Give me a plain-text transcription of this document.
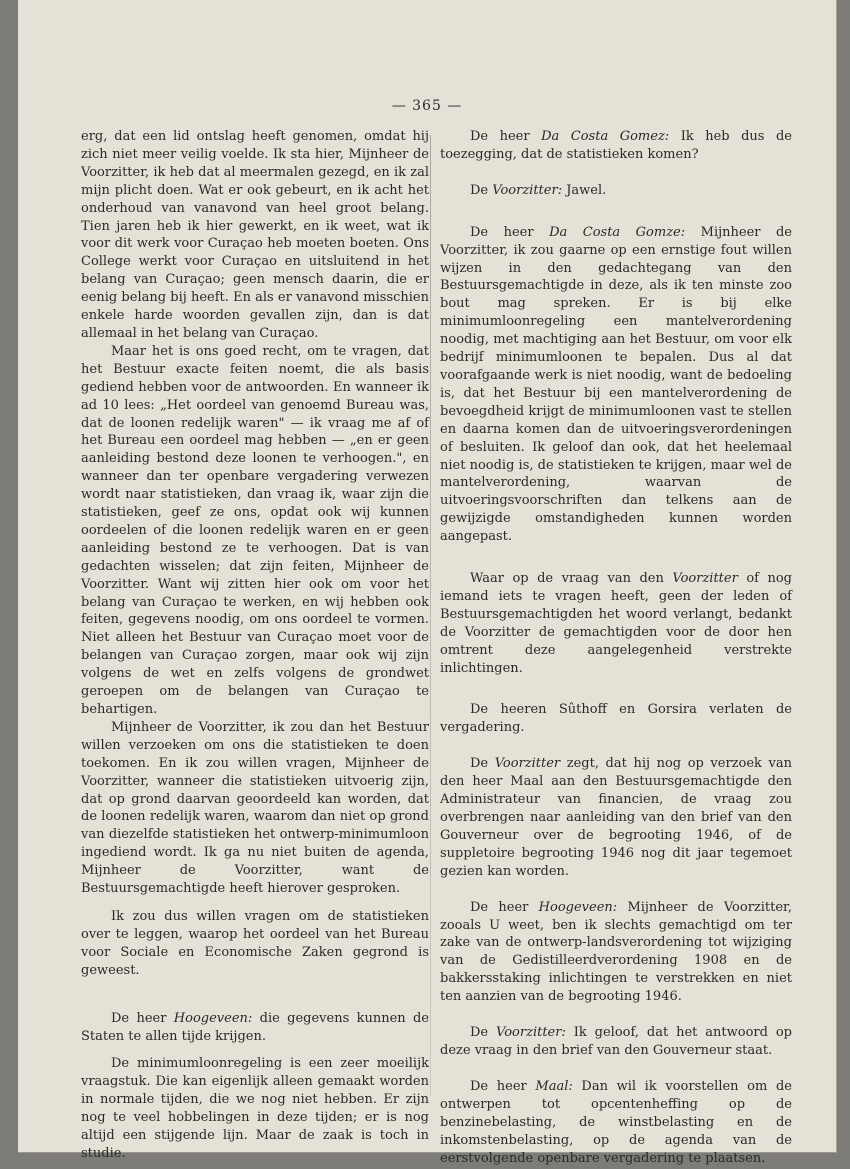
— 365 —

erg, dat een lid ontslag heeft genomen, omdat hij zich niet meer veilig voelde. Ik sta hier, Mijnheer de Voorzitter, ik heb dat al meermalen gezegd, en ik zal mijn plicht doen. Wat er ook gebeurt, en ik acht het onderhoud van vanavond van heel groot belang. Tien jaren heb ik hier gewerkt, en ik weet, wat ik voor dit werk voor Curaçao heb moeten boeten. Ons College werkt voor Curaçao en uitsluitend in het belang van Curaçao; geen mensch daarin, die er eenig belang bij heeft. En als er vanavond misschien enkele harde woorden gevallen zijn, dan is dat allemaal in het belang van Curaçao.

Maar het is ons goed recht, om te vragen, dat het Bestuur exacte feiten noemt, die als basis gediend hebben voor de antwoorden. En wanneer ik ad 10 lees: „Het oordeel van genoemd Bureau was, dat de loonen redelijk waren" — ik vraag me af of het Bureau een oordeel mag hebben — „en er geen aanleiding bestond deze loonen te verhoogen.", en wanneer dan ter openbare vergadering verwezen wordt naar statistieken, dan vraag ik, waar zijn die statistieken, geef ze ons, opdat ook wij kunnen oordeelen of die loonen redelijk waren en er geen aanleiding bestond ze te verhoogen. Dat is van gedachten wisselen; dat zijn feiten, Mijnheer de Voorzitter. Want wij zitten hier ook om voor het belang van Curaçao te werken, en wij hebben ook feiten, gegevens noodig, om ons oordeel te vormen. Niet alleen het Bestuur van Curaçao moet voor de belangen van Curaçao zorgen, maar ook wij zijn volgens de wet en zelfs volgens de grondwet geroepen om de belangen van Curaçao te behartigen.

Mijnheer de Voorzitter, ik zou dan het Bestuur willen verzoeken om ons die statistieken te doen toekomen. En ik zou willen vragen, Mijnheer de Voorzitter, wanneer die statistieken uitvoerig zijn, dat op grond daarvan geoordeeld kan worden, dat de loonen redelijk waren, waarom dan niet op grond van diezelfde statistieken het ontwerp-minimumloon ingediend wordt. Ik ga nu niet buiten de agenda, Mijnheer de Voorzitter, want de Bestuursgemachtigde heeft hierover gesproken.

Ik zou dus willen vragen om de statistieken over te leggen, waarop het oordeel van het Bureau voor Sociale en Economische Zaken gegrond is geweest.

De heer Hoogeveen: die gegevens kunnen de Staten te allen tijde krijgen.

De minimumloonregeling is een zeer moeilijk vraagstuk. Die kan eigenlijk alleen gemaakt worden in normale tijden, die we nog niet hebben. Er zijn nog te veel hobbelingen in deze tijden; er is nog altijd een stijgende lijn. Maar de zaak is toch in studie.

De heer Da Costa Gomez: Ik heb dus de toezegging, dat de statistieken komen?

De Voorzitter: Jawel.

De heer Da Costa Gomze: Mijnheer de Voorzitter, ik zou gaarne op een ernstige fout willen wijzen in den gedachtegang van den Bestuursgemachtigde in deze, als ik ten minste zoo bout mag spreken. Er is bij elke minimumloonregeling een mantelverordening noodig, met machtiging aan het Bestuur, om voor elk bedrijf minimumloonen te bepalen. Dus al dat voorafgaande werk is niet noodig, want de bedoeling is, dat het Bestuur bij een mantelverordening de bevoegdheid krijgt de minimumloonen vast te stellen en daarna komen dan de uitvoeringsverordeningen of besluiten. Ik geloof dan ook, dat het heelemaal niet noodig is, de statistieken te krijgen, maar wel de mantelverordening, waarvan de uitvoeringsvoorschriften dan telkens aan de gewijzigde omstandigheden kunnen worden aangepast.

Waar op de vraag van den Voorzitter of nog iemand iets te vragen heeft, geen der leden of Bestuursgemachtigden het woord verlangt, bedankt de Voorzitter de gemachtigden voor de door hen omtrent deze aangelegenheid verstrekte inlichtingen.

De heeren Sûthoff en Gorsira verlaten de vergadering.

De Voorzitter zegt, dat hij nog op verzoek van den heer Maal aan den Bestuursgemachtigde den Administrateur van financien, de vraag zou overbrengen naar aanleiding van den brief van den Gouverneur over de begrooting 1946, of de suppletoire begrooting 1946 nog dit jaar tegemoet gezien kan worden.

De heer Hoogeveen: Mijnheer de Voorzitter, zooals U weet, ben ik slechts gemachtigd om ter zake van de ontwerp-landsverordening tot wijziging van de Gedistilleerdverordening 1908 en de bakkersstaking inlichtingen te verstrekken en niet ten aanzien van de begrooting 1946.

De Voorzitter: Ik geloof, dat het antwoord op deze vraag in den brief van den Gouverneur staat.

De heer Maal: Dan wil ik voorstellen om de ontwerpen tot opcentenheffing op de benzinebelasting, de winstbelasting en de inkomstenbelasting, op de agenda van de eerstvolgende openbare vergadering te plaatsen.
